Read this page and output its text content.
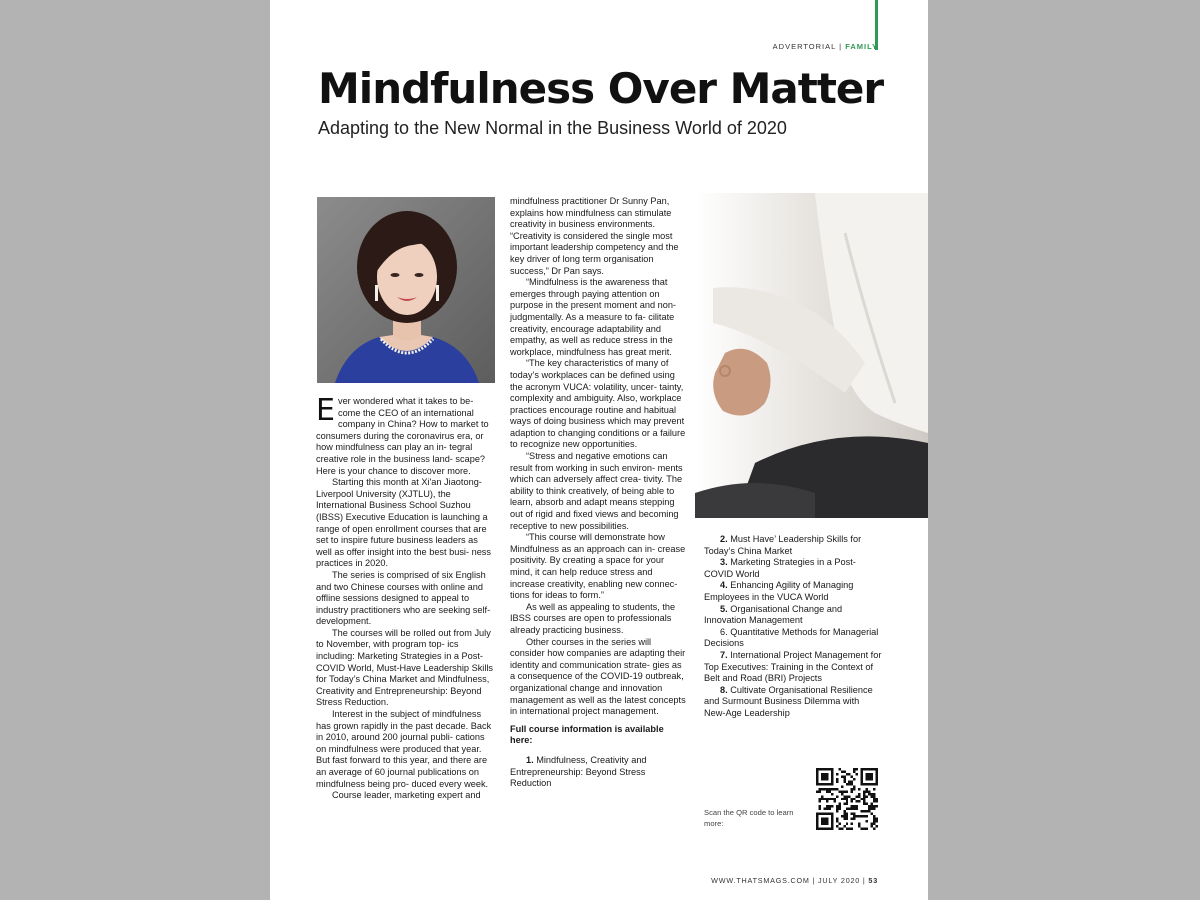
ADVERTORIAL | FAMILY
Mindfulness Over Matter
Adapting to the New Normal in the Business World of 2020

Ever wondered what it takes to be- come the CEO of an international company in China? How to market to consumers during the coronavirus era, or how mindfulness can play an in- tegral creative role in the business land- scape? Here is your chance to discover more.

Starting this month at Xi'an Jiaotong- Liverpool University (XJTLU), the International Business School Suzhou (IBSS) Executive Education is launching a range of open enrollment courses that are set to inspire future business leaders as well as offer insight into the best busi- ness practices in 2020.

The series is comprised of six English and two Chinese courses with online and offline sessions designed to appeal to industry practitioners who are seeking self-development.

The courses will be rolled out from July to November, with program top- ics including: Marketing Strategies in a Post-COVID World, Must-Have Leadership Skills for Today’s China Market and Mindfulness, Creativity and Entrepreneurship: Beyond Stress Reduction.

Interest in the subject of mindfulness has grown rapidly in the past decade. Back in 2010, around 200 journal publi- cations on mindfulness were produced that year. But fast forward to this year, and there are an average of 60 journal publications on mindfulness being pro- duced every week.

Course leader, marketing expert and

mindfulness practitioner Dr Sunny Pan, explains how mindfulness can stimulate creativity in business environments. “Creativity is considered the single most important leadership competency and the key driver of long term organisation success,” Dr Pan says.

“Mindfulness is the awareness that emerges through paying attention on purpose in the present moment and non-judgmentally. As a measure to fa- cilitate creativity, encourage adaptability and empathy, as well as reduce stress in the workplace, mindfulness has great merit.

“The key characteristics of many of today’s workplaces can be defined using the acronym VUCA: volatility, uncer- tainty, complexity and ambiguity. Also, workplace practices encourage routine and habitual ways of doing business which may prevent adaption to changing conditions or a failure to recognize new opportunities.

“Stress and negative emotions can result from working in such environ- ments which can adversely affect crea- tivity. The ability to think creatively, of being able to learn, absorb and adapt means stepping out of rigid and fixed views and becoming receptive to new possibilities.

“This course will demonstrate how Mindfulness as an approach can in- crease positivity. By creating a space for your mind, it can help reduce stress and increase creativity, enabling new connec- tions for ideas to form.”

As well as appealing to students, the IBSS courses are open to professionals already practicing business.

Other courses in the series will consider how companies are adapting their identity and communication strate- gies as a consequence of the COVID-19 outbreak, organizational change and innovation management as well as the latest concepts in international project management.

Full course information is available here:

1. Mindfulness, Creativity and Entrepreneurship: Beyond Stress Reduction

2. Must Have’ Leadership Skills for Today’s China Market

3. Marketing Strategies in a Post-COVID World

4. Enhancing Agility of Managing Employees in the VUCA World

5. Organisational Change and Innovation Management

6. Quantitative Methods for Managerial Decisions

7. International Project Management for Top Executives: Training in the Context of Belt and Road (BRI) Projects

8. Cultivate Organisational Resilience and Surmount Business Dilemma with New-Age Leadership

Scan the QR code to learn more:
WWW.THATSMAGS.COM | JULY 2020 | 53
